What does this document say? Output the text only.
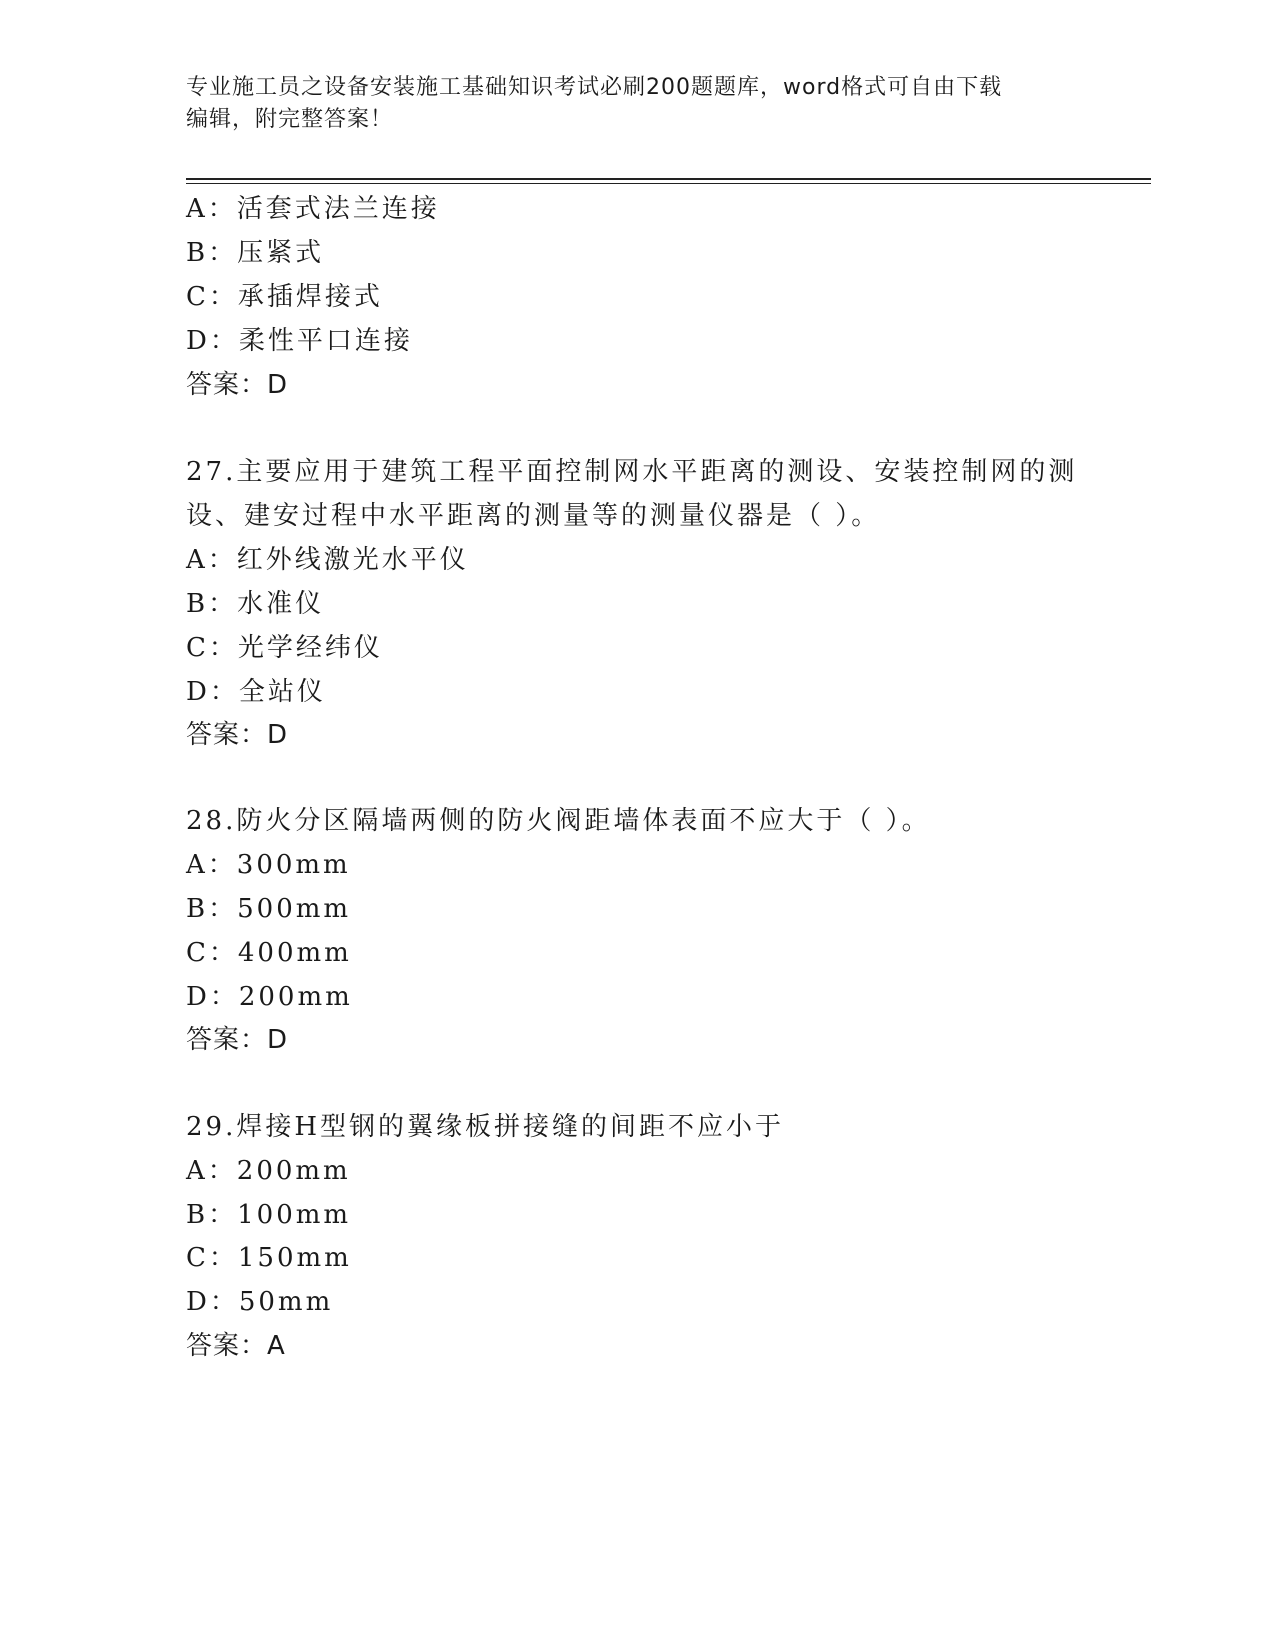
专业施工员之设备安装施工基础知识考试必刷200题题库，word格式可自由下载
编辑，附完整答案！
A：活套式法兰连接
B：压紧式
C：承插焊接式
D：柔性平口连接
答案：D
27.主要应用于建筑工程平面控制网水平距离的测设、安装控制网的测
设、建安过程中水平距离的测量等的测量仪器是（ ）。
A：红外线激光水平仪
B：水准仪
C：光学经纬仪
D：全站仪
答案：D
28.防火分区隔墙两侧的防火阀距墙体表面不应大于（ ）。
A：300mm
B：500mm
C：400mm
D：200mm
答案：D
29.焊接H型钢的翼缘板拼接缝的间距不应小于
A：200mm
B：100mm
C：150mm
D：50mm
答案：A
